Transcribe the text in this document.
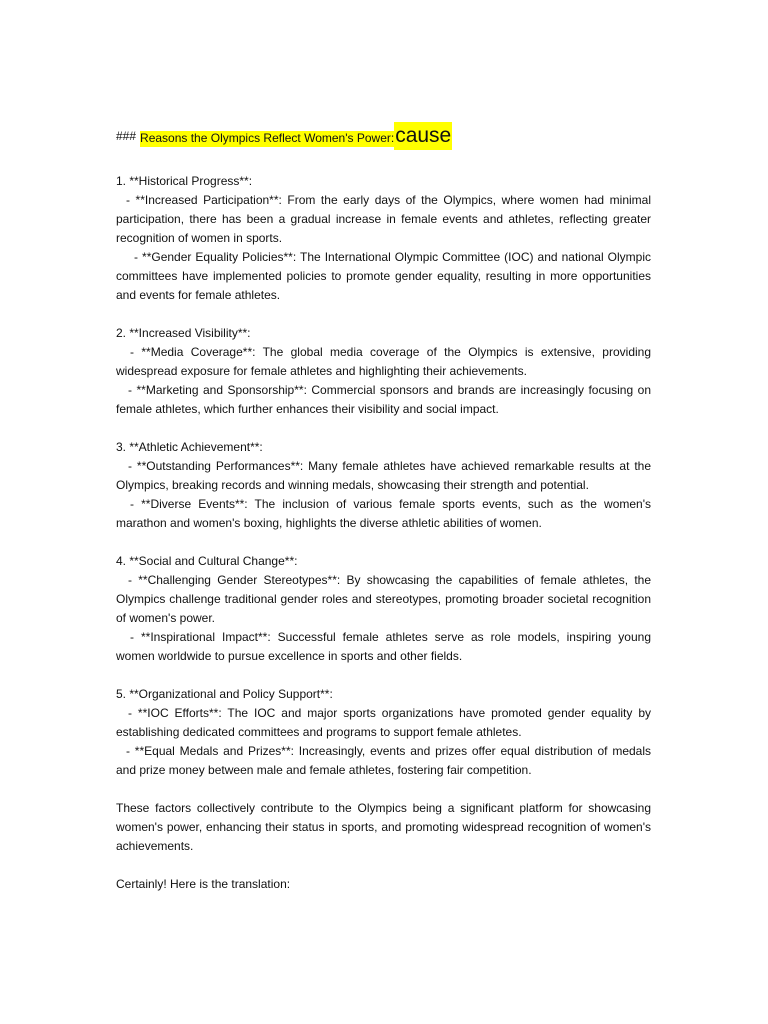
### Reasons the Olympics Reflect Women's Power: cause
1. **Historical Progress**:
- **Increased Participation**: From the early days of the Olympics, where women had minimal participation, there has been a gradual increase in female events and athletes, reflecting greater recognition of women in sports.
- **Gender Equality Policies**: The International Olympic Committee (IOC) and national Olympic committees have implemented policies to promote gender equality, resulting in more opportunities and events for female athletes.
2. **Increased Visibility**:
- **Media Coverage**: The global media coverage of the Olympics is extensive, providing widespread exposure for female athletes and highlighting their achievements.
- **Marketing and Sponsorship**: Commercial sponsors and brands are increasingly focusing on female athletes, which further enhances their visibility and social impact.
3. **Athletic Achievement**:
- **Outstanding Performances**: Many female athletes have achieved remarkable results at the Olympics, breaking records and winning medals, showcasing their strength and potential.
- **Diverse Events**: The inclusion of various female sports events, such as the women's marathon and women's boxing, highlights the diverse athletic abilities of women.
4. **Social and Cultural Change**:
- **Challenging Gender Stereotypes**: By showcasing the capabilities of female athletes, the Olympics challenge traditional gender roles and stereotypes, promoting broader societal recognition of women's power.
- **Inspirational Impact**: Successful female athletes serve as role models, inspiring young women worldwide to pursue excellence in sports and other fields.
5. **Organizational and Policy Support**:
- **IOC Efforts**: The IOC and major sports organizations have promoted gender equality by establishing dedicated committees and programs to support female athletes.
- **Equal Medals and Prizes**: Increasingly, events and prizes offer equal distribution of medals and prize money between male and female athletes, fostering fair competition.
These factors collectively contribute to the Olympics being a significant platform for showcasing women's power, enhancing their status in sports, and promoting widespread recognition of women's achievements.
Certainly! Here is the translation:
